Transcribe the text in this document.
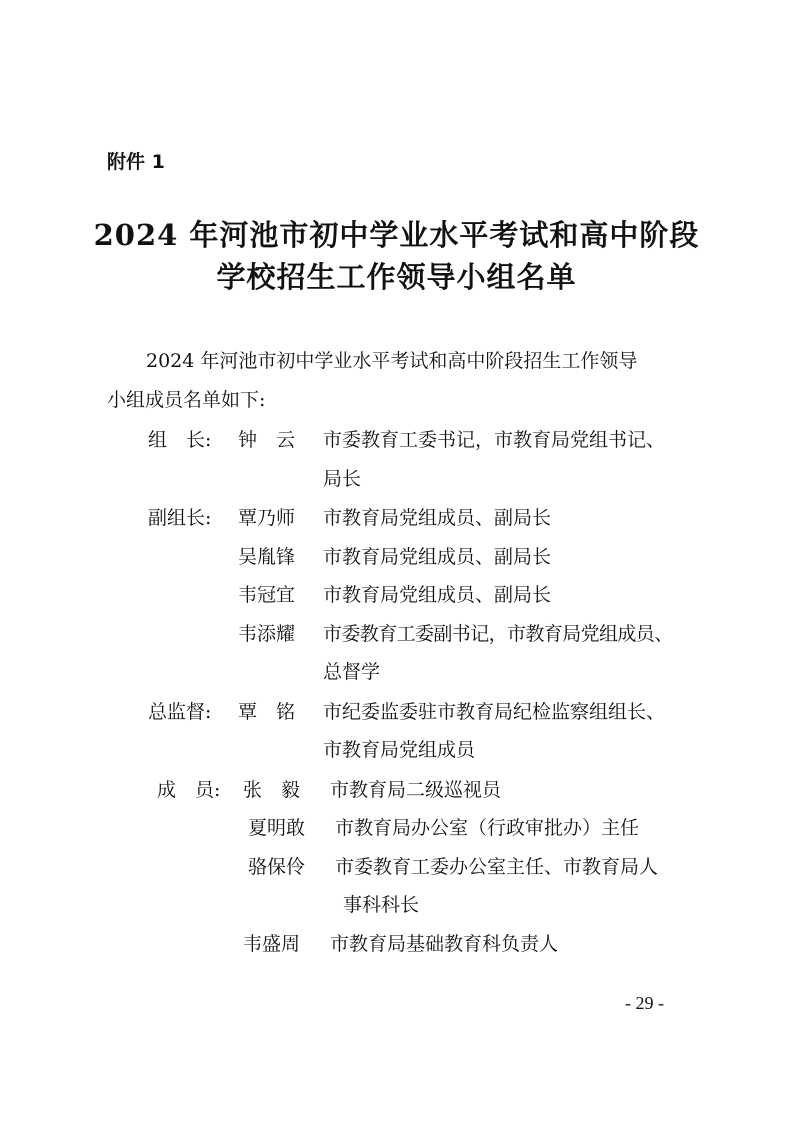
附件 1
2024 年河池市初中学业水平考试和高中阶段
学校招生工作领导小组名单
2024 年河池市初中学业水平考试和高中阶段招生工作领导
小组成员名单如下:
组　长: 钟　云 市委教育工委书记，市教育局党组书记、
局长
副组长: 覃乃师 市教育局党组成员、副局长
吴胤锋 市教育局党组成员、副局长
韦冠宜 市教育局党组成员、副局长
韦添耀 市委教育工委副书记，市教育局党组成员、
总督学
总监督: 覃　铭 市纪委监委驻市教育局纪检监察组组长、
市教育局党组成员
成　员: 张　毅 市教育局二级巡视员
夏明敢 市教育局办公室（行政审批办）主任
骆保伶 市委教育工委办公室主任、市教育局人
事科科长
韦盛周 市教育局基础教育科负责人
- 29 -
